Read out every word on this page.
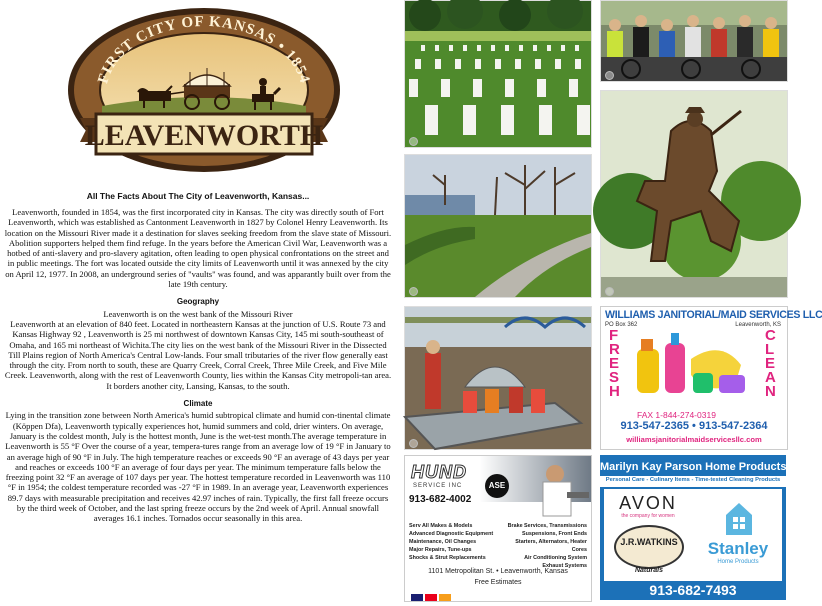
FIRST CITY OF KANSAS • 1854
LEAVENWORTH
All The Facts About The City of Leavenworth, Kansas...

Leavenworth, founded in 1854, was the first incorporated city in Kansas. The city was directly south of Fort Leavenworth, which was established as Cantonment Leavenworth in 1827 by Colonel Henry Leavenworth. Its location on the Missouri River made it a destination for slaves seeking freedom from the slave state of Missouri. Abolition supporters helped them find refuge. In the years before the American Civil War, Leavenworth was a hotbed of anti-slavery and pro-slavery agitation, often leading to open physical confrontations on the street and in public meetings. The fort was located outside the city limits of Leavenworth until it was annexed by the city on April 12, 1977. In 2008, an underground series of "vaults" was found, and was apparantly built over from the late 19th century.

Geography

Leavenworth is on the west bank of the Missouri River

Leavenworth at an elevation of 840 feet. Located in northeastern Kansas at the junction of U.S. Route 73 and Kansas Highway 92 , Leavenworth is 25 mi northwest of downtown Kansas City, 145 mi south-southeast of Omaha, and 165 mi northeast of Wichita.The city lies on the west bank of the Missouri River in the Dissected Till Plains region of North America's Central Low-lands. Four small tributaries of the river flow generally east through the city. From north to south, these are Quarry Creek, Corral Creek, Three Mile Creek, and Five Mile Creek. Leavenworth, along with the rest of Leavenworth County, lies within the Kansas City metropoli-tan area. It borders another city, Lansing, Kansas, to the south.

Climate

Lying in the transition zone between North America's humid subtropical climate and humid con-tinental climate (Köppen Dfa), Leavenworth typically experiences hot, humid summers and cold, drier winters. On average, January is the coldest month, July is the hottest month, June is the wet-test month.The average temperature in Leavenworth is 55 °F Over the course of a year, tempera-tures range from an average low of 19 °F in January to an average high of 90 °F in July. The high temperature reaches or exceeds 90 °F an average of 43 days per year and reaches or exceeds 100 °F an average of four days per year. The minimum temperature falls below the freezing point 32 °F an average of 107 days per year. The hottest temperature recorded in Leavenworth was 110 °F in 1954; the coldest temperature recorded was -27 °F in 1989. In an average year, Leavenworth experiences 89.7 days with measurable precipitation and receives 42.97 inches of rain. Typically, the first fall freeze occurs by the third week of October, and the last spring freeze occurs by the 2nd week of April. Annual snowfall averages 16.1 inches. Tornados occur seasonally in this area.

WILLIAMS JANITORIAL/MAID SERVICES LLC
PO Box 362	Leavenworth, KS
FRESH
CLEAN
FAX 1-844-274-0319
913-547-2365 • 913-547-2364
williamsjanitorialmaidservicesllc.com
HUND
SERVICE INC
913-682-4002
ASE
Serv All Makes & Models
Advanced Diagnostic Equipment
Maintenance, Oil Changes
Major Repairs, Tune-ups
Shocks & Strut Replacements
Brake Services, Transmissions
Suspensions, Front Ends
Starters, Alternators, Heater Cores
Air Conditioning System
Exhaust Systems
1101 Metropolitan St. • Leavenworth, Kansas
Free Estimates
Marilyn Kay Parson Home Products
Personal Care - Culinary Items - Time-tested Cleaning Products
AVON
the company for women
J.R.WATKINS
Naturals
Stanley
Home Products
913-682-7493
